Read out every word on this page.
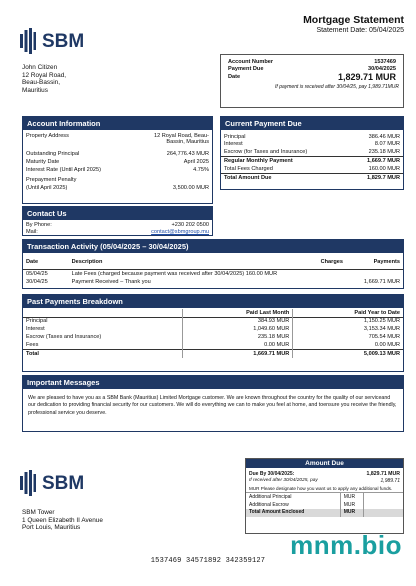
SBM
Mortgage Statement
Statement Date: 05/04/2025
John Citizen
12 Royal Road,
Beau-Bassin,
Mauritius
Account Number	1537469
Payment Due	30/04/2025
Date	1,829.71 MUR
If payment is received after 30/04/25, pay 1,989.71MUR
Account Information
Property Address	12 Royal Road, Beau-
Bassin, Mauritius

Outstanding Principal	264,776.43 MUR
Maturity Date	April 2025
Interest Rate (Until April 2025)	4.75%

Prepayment Penalty	
(Until April 2025)	3,500.00 MUR
Contact Us
By Phone:	+230 202 0500
Mail:	contact@sbmgroup.mu
Current Payment Due
Principal	386.46 MUR
Interest	8.07 MUR
Escrow (for Taxes and Insurance)	235.18 MUR
Regular Monthly Payment	1,669.7 MUR
Total Fees Charged	160.00 MUR
Total Amount Due	1,829.7 MUR
Transaction Activity (05/04/2025 – 30/04/2025)
Date	Description	Charges	Payments

05/04/25	Late Fees (charged because payment was received after 30/04/2025) 160.00 MUR		
30/04/25	Payment Received – Thank you		1,669.71 MUR
Past Payments Breakdown
	Paid Last Month	Paid Year to Date
Principal	384.93 MUR	1,150.25 MUR
Interest	1,049.60 MUR	3,153.34 MUR
Escrow (Taxes and Insurance)	235.18 MUR	705.54 MUR
Fees	0.00 MUR	0.00 MUR
Total	1,669.71 MUR	5,009.13 MUR
Important Messages
We are pleased to have you as a SBM Bank (Mauritius) Limited Mortgage customer. We are known throughout the country for the quality of our serviceand our dedication to providing financial security for our customers. We will do everything we can to make you feel at home, and toensure you receive the friendly, professional service you deserve.
SBM
SBM Tower
1 Queen Elizabeth II Avenue
Port Louis, Mauritius
Amount Due
Due By 30/04/2025:	1,829.71 MUR
If received after 30/04/2025, pay	1,989.71
MUR Please designate how you want us to apply any additional funds.
Additional Principal	MUR	
Additional Escrow	MUR	
Total Amount Enclosed	MUR	
1537469 34571892 342359127
mnm.bio
